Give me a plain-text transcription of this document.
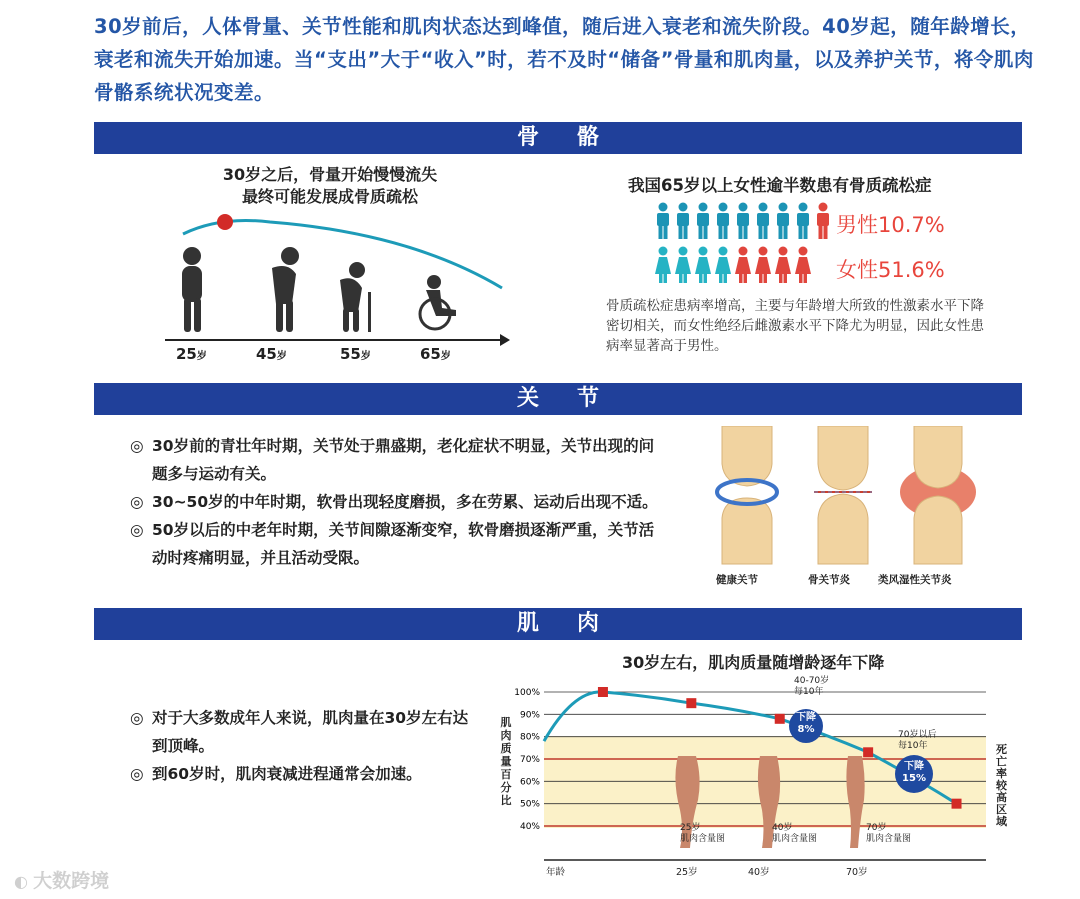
30岁前后，人体骨量、关节性能和肌肉状态达到峰值，随后进入衰老和流失阶段。40岁起，随年龄增长，衰老和流失开始加速。当“支出”大于“收入”时，若不及时“储备”骨量和肌肉量，以及养护关节，将令肌肉骨骼系统状况变差。
骨骼
30岁之后，骨量开始慢慢流失
最终可能发展成骨质疏松
25岁	45岁	55岁	65岁
我国65岁以上女性逾半数患有骨质疏松症
男性10.7%
女性51.6%
骨质疏松症患病率增高，主要与年龄增大所致的性激素水平下降密切相关，而女性绝经后雌激素水平下降尤为明显，因此女性患病率显著高于男性。
关节
◎ 30岁前的青壮年时期，关节处于鼎盛期，老化症状不明显，关节出现的问题多与运动有关。
◎ 30~50岁的中年时期，软骨出现轻度磨损，多在劳累、运动后出现不适。
◎ 50岁以后的中老年时期，关节间隙逐渐变窄，软骨磨损逐渐严重，关节活动时疼痛明显，并且活动受限。
健康关节	骨关节炎	类风湿性关节炎
肌肉
◎ 对于大多数成年人来说，肌肉量在30岁左右达到顶峰。
◎ 到60岁时，肌肉衰减进程通常会加速。
30岁左右，肌肉质量随增龄逐年下降
100%
90%
80%
70%
60%
50%
40%
肌肉质量百分比
死亡率较高区域
40-70岁
每10年
70岁以后
每10年
下降
8%
下降
15%
25岁
肌肉含量图
40岁
肌肉含量图
70岁
肌肉含量图
年龄	25岁	40岁	70岁
◐ 大数跨境
